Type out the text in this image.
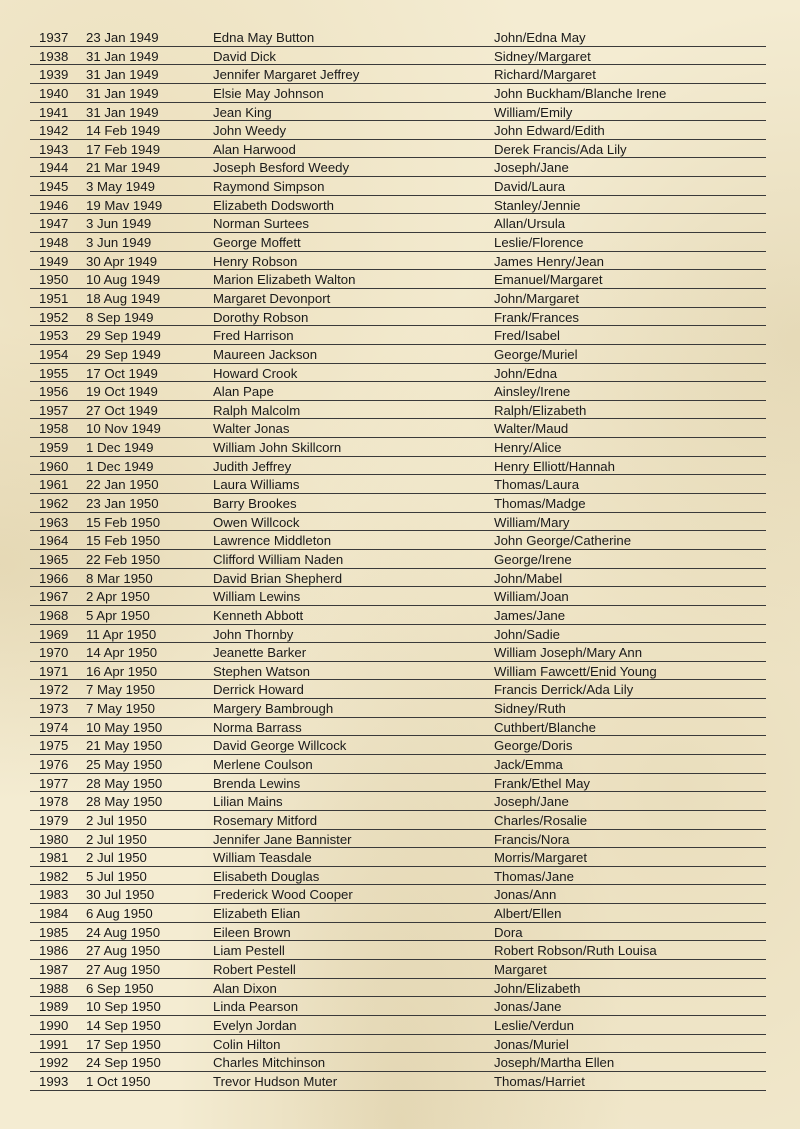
1937 23 Jan 1949	Edna May Button	John/Edna May
1938 31 Jan 1949	David Dick	Sidney/Margaret
1939 31 Jan 1949	Jennifer Margaret Jeffrey	Richard/Margaret
1940 31 Jan 1949	Elsie May Johnson	John Buckham/Blanche Irene
1941 31 Jan 1949	Jean King	William/Emily
1942 14 Feb 1949	John Weedy	John Edward/Edith
1943 17 Feb 1949	Alan Harwood	Derek Francis/Ada Lily
1944 21 Mar 1949	Joseph Besford Weedy	Joseph/Jane
1945 3 May 1949	Raymond Simpson	David/Laura
1946 19 Mav 1949	Elizabeth Dodsworth	Stanley/Jennie
1947 3 Jun 1949	Norman Surtees	Allan/Ursula
1948 3 Jun 1949	George Moffett	Leslie/Florence
1949 30 Apr 1949	Henry Robson	James Henry/Jean
1950 10 Aug 1949	Marion Elizabeth Walton	Emanuel/Margaret
1951 18 Aug 1949	Margaret Devonport	John/Margaret
1952 8 Sep 1949	Dorothy Robson	Frank/Frances
1953 29 Sep 1949	Fred Harrison	Fred/Isabel
1954 29 Sep 1949	Maureen Jackson	George/Muriel
1955 17 Oct 1949	Howard Crook	John/Edna
1956 19 Oct 1949	Alan Pape	Ainsley/Irene
1957 27 Oct 1949	Ralph Malcolm	Ralph/Elizabeth
1958 10 Nov 1949	Walter Jonas	Walter/Maud
1959 1 Dec 1949	William John Skillcorn	Henry/Alice
1960 1 Dec 1949	Judith Jeffrey	Henry Elliott/Hannah
1961 22 Jan 1950	Laura Williams	Thomas/Laura
1962 23 Jan 1950	Barry Brookes	Thomas/Madge
1963 15 Feb 1950	Owen Willcock	William/Mary
1964 15 Feb 1950	Lawrence Middleton	John George/Catherine
1965 22 Feb 1950	Clifford William Naden	George/Irene
1966 8 Mar 1950	David Brian Shepherd	John/Mabel
1967 2 Apr 1950	William Lewins	William/Joan
1968 5 Apr 1950	Kenneth Abbott	James/Jane
1969 11 Apr 1950	John Thornby	John/Sadie
1970 14 Apr 1950	Jeanette Barker	William Joseph/Mary Ann
1971 16 Apr 1950	Stephen Watson	William Fawcett/Enid Young
1972 7 May 1950	Derrick Howard	Francis Derrick/Ada Lily
1973 7 May 1950	Margery Bambrough	Sidney/Ruth
1974 10 May 1950	Norma Barrass	Cuthbert/Blanche
1975 21 May 1950	David George Willcock	George/Doris
1976 25 May 1950	Merlene Coulson	Jack/Emma
1977 28 May 1950	Brenda Lewins	Frank/Ethel May
1978 28 May 1950	Lilian Mains	Joseph/Jane
1979 2 Jul 1950	Rosemary Mitford	Charles/Rosalie
1980 2 Jul 1950	Jennifer Jane Bannister	Francis/Nora
1981 2 Jul 1950	William Teasdale	Morris/Margaret
1982 5 Jul 1950	Elisabeth Douglas	Thomas/Jane
1983 30 Jul 1950	Frederick Wood Cooper	Jonas/Ann
1984 6 Aug 1950	Elizabeth Elian	Albert/Ellen
1985 24 Aug 1950	Eileen Brown	Dora
1986 27 Aug 1950	Liam Pestell	Robert Robson/Ruth Louisa
1987 27 Aug 1950	Robert Pestell	Margaret
1988 6 Sep 1950	Alan Dixon	John/Elizabeth
1989 10 Sep 1950	Linda Pearson	Jonas/Jane
1990 14 Sep 1950	Evelyn Jordan	Leslie/Verdun
1991 17 Sep 1950	Colin Hilton	Jonas/Muriel
1992 24 Sep 1950	Charles Mitchinson	Joseph/Martha Ellen
1993 1 Oct 1950	Trevor Hudson Muter	Thomas/Harriet
